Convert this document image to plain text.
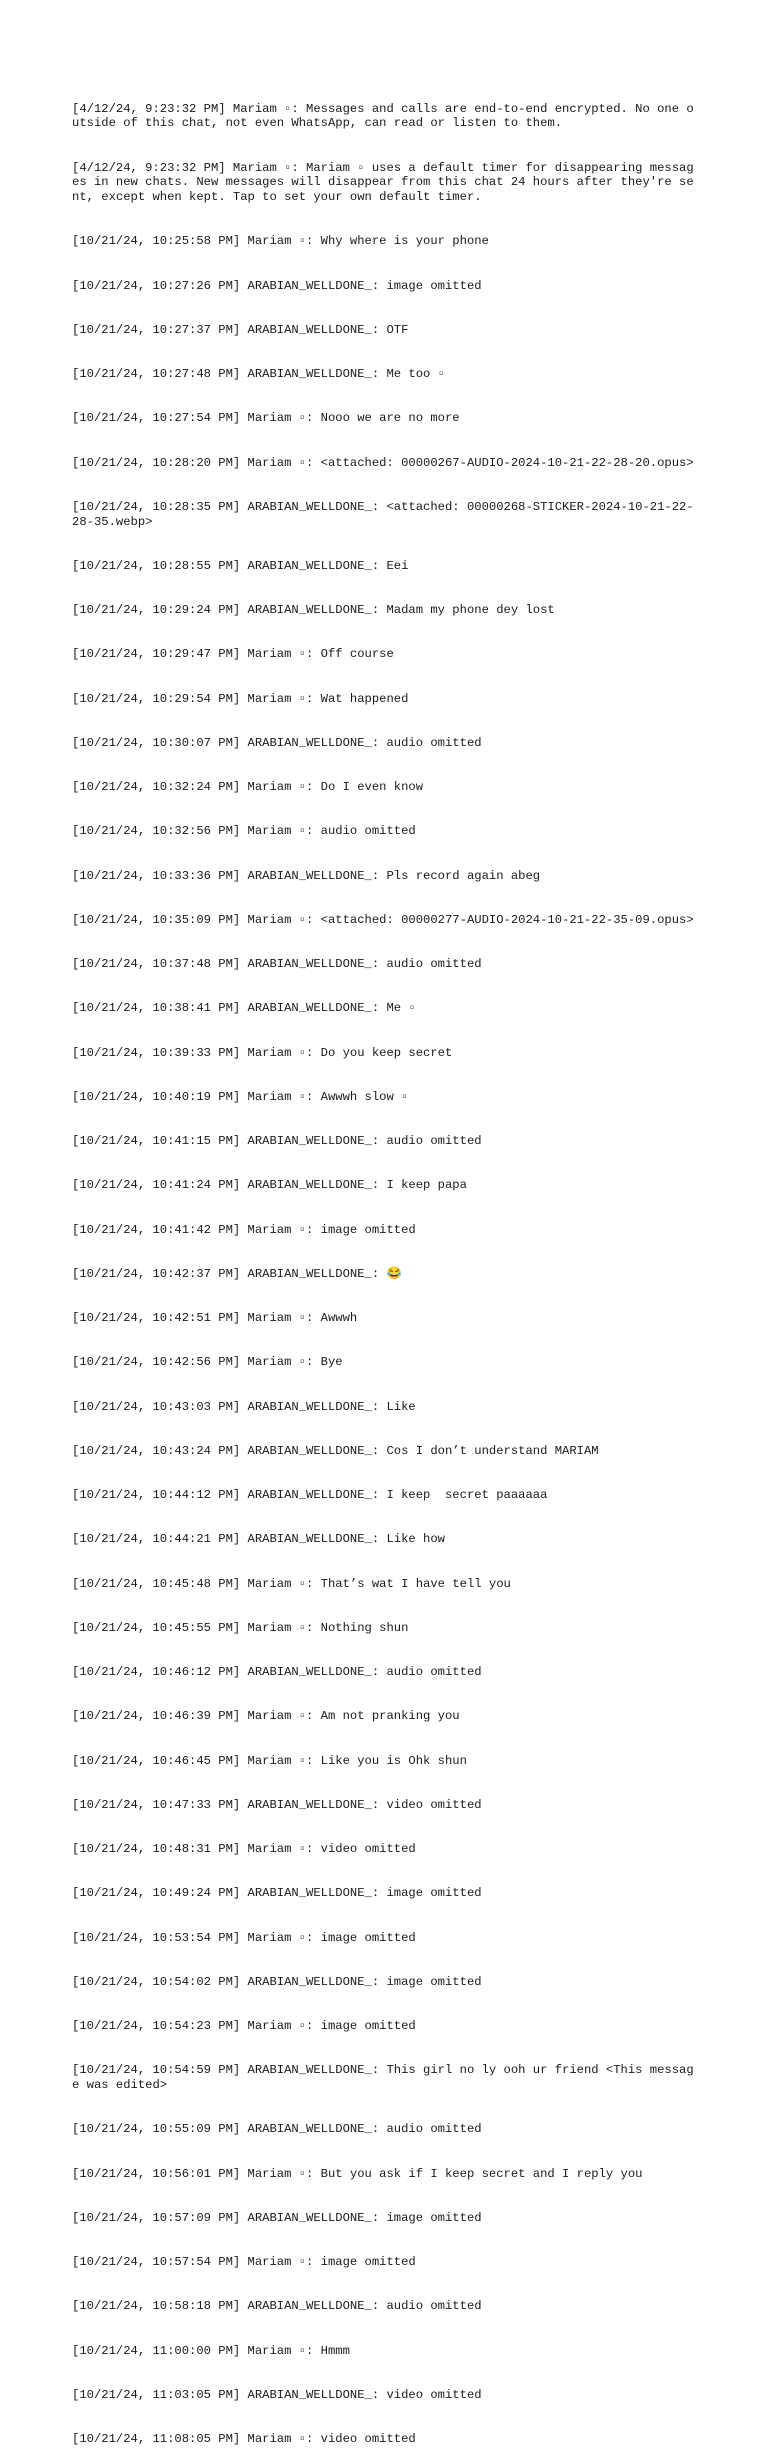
[4/12/24, 9:23:32 PM] Mariam ▫: Messages and calls are end-to-end encrypted. No one outside of this chat, not even WhatsApp, can read or listen to them.

[4/12/24, 9:23:32 PM] Mariam ▫: Mariam ▫ uses a default timer for disappearing messages in new chats. New messages will disappear from this chat 24 hours after they're sent, except when kept. Tap to set your own default timer.

[10/21/24, 10:25:58 PM] Mariam ▫: Why where is your phone

[10/21/24, 10:27:26 PM] ARABIAN_WELLDONE_: image omitted

[10/21/24, 10:27:37 PM] ARABIAN_WELLDONE_: OTF

[10/21/24, 10:27:48 PM] ARABIAN_WELLDONE_: Me too ▫

[10/21/24, 10:27:54 PM] Mariam ▫: Nooo we are no more

[10/21/24, 10:28:20 PM] Mariam ▫: <attached: 00000267-AUDIO-2024-10-21-22-28-20.opus>

[10/21/24, 10:28:35 PM] ARABIAN_WELLDONE_: <attached: 00000268-STICKER-2024-10-21-22-28-35.webp>

[10/21/24, 10:28:55 PM] ARABIAN_WELLDONE_: Eei

[10/21/24, 10:29:24 PM] ARABIAN_WELLDONE_: Madam my phone dey lost

[10/21/24, 10:29:47 PM] Mariam ▫: Off course

[10/21/24, 10:29:54 PM] Mariam ▫: Wat happened

[10/21/24, 10:30:07 PM] ARABIAN_WELLDONE_: audio omitted

[10/21/24, 10:32:24 PM] Mariam ▫: Do I even know

[10/21/24, 10:32:56 PM] Mariam ▫: audio omitted

[10/21/24, 10:33:36 PM] ARABIAN_WELLDONE_: Pls record again abeg

[10/21/24, 10:35:09 PM] Mariam ▫: <attached: 00000277-AUDIO-2024-10-21-22-35-09.opus>

[10/21/24, 10:37:48 PM] ARABIAN_WELLDONE_: audio omitted

[10/21/24, 10:38:41 PM] ARABIAN_WELLDONE_: Me ▫

[10/21/24, 10:39:33 PM] Mariam ▫: Do you keep secret

[10/21/24, 10:40:19 PM] Mariam ▫: Awwwh slow ▫

[10/21/24, 10:41:15 PM] ARABIAN_WELLDONE_: audio omitted

[10/21/24, 10:41:24 PM] ARABIAN_WELLDONE_: I keep papa

[10/21/24, 10:41:42 PM] Mariam ▫: image omitted

[10/21/24, 10:42:37 PM] ARABIAN_WELLDONE_: 😂

[10/21/24, 10:42:51 PM] Mariam ▫: Awwwh

[10/21/24, 10:42:56 PM] Mariam ▫: Bye

[10/21/24, 10:43:03 PM] ARABIAN_WELLDONE_: Like

[10/21/24, 10:43:24 PM] ARABIAN_WELLDONE_: Cos I don’t understand MARIAM

[10/21/24, 10:44:12 PM] ARABIAN_WELLDONE_: I keep  secret paaaaaa

[10/21/24, 10:44:21 PM] ARABIAN_WELLDONE_: Like how

[10/21/24, 10:45:48 PM] Mariam ▫: That’s wat I have tell you

[10/21/24, 10:45:55 PM] Mariam ▫: Nothing shun

[10/21/24, 10:46:12 PM] ARABIAN_WELLDONE_: audio omitted

[10/21/24, 10:46:39 PM] Mariam ▫: Am not pranking you

[10/21/24, 10:46:45 PM] Mariam ▫: Like you is Ohk shun

[10/21/24, 10:47:33 PM] ARABIAN_WELLDONE_: video omitted

[10/21/24, 10:48:31 PM] Mariam ▫: video omitted

[10/21/24, 10:49:24 PM] ARABIAN_WELLDONE_: image omitted

[10/21/24, 10:53:54 PM] Mariam ▫: image omitted

[10/21/24, 10:54:02 PM] ARABIAN_WELLDONE_: image omitted

[10/21/24, 10:54:23 PM] Mariam ▫: image omitted

[10/21/24, 10:54:59 PM] ARABIAN_WELLDONE_: This girl no ly ooh ur friend <This message was edited>

[10/21/24, 10:55:09 PM] ARABIAN_WELLDONE_: audio omitted

[10/21/24, 10:56:01 PM] Mariam ▫: But you ask if I keep secret and I reply you

[10/21/24, 10:57:09 PM] ARABIAN_WELLDONE_: image omitted

[10/21/24, 10:57:54 PM] Mariam ▫: image omitted

[10/21/24, 10:58:18 PM] ARABIAN_WELLDONE_: audio omitted

[10/21/24, 11:00:00 PM] Mariam ▫: Hmmm

[10/21/24, 11:03:05 PM] ARABIAN_WELLDONE_: video omitted

[10/21/24, 11:08:05 PM] Mariam ▫: video omitted
